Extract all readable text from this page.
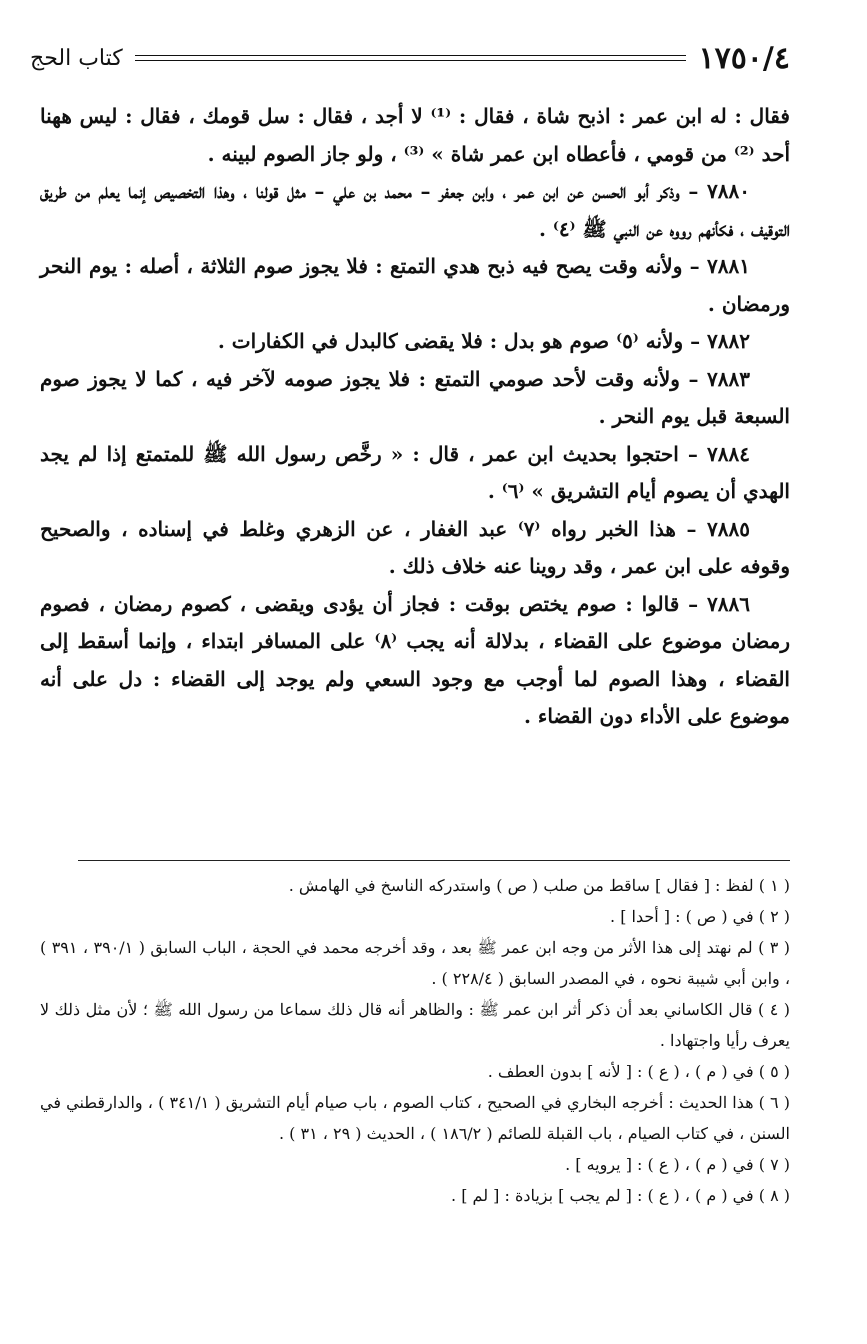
١٧٥٠/٤
كتاب الحج

فقال : له ابن عمر : اذبح شاة ، فقال : ⁽¹⁾ لا أجد ، فقال : سل قومك ، فقال : ليس ههنا أحد ⁽²⁾ من قومي ، فأعطاه ابن عمر شاة » ⁽³⁾ ، ولو جاز الصوم لبينه .

٧٨٨٠ – وذكر أبو الحسن عن ابن عمر ، وابن جعفر – محمد بن علي – مثل قولنا ، وهذا التخصيص إنما يعلم من طريق التوقيف ، فكأنهم رووه عن النبي ﷺ ⁽٤⁾ .

٧٨٨١ – ولأنه وقت يصح فيه ذبح هدي التمتع : فلا يجوز صوم الثلاثة ، أصله : يوم النحر ورمضان .

٧٨٨٢ – ولأنه ⁽٥⁾ صوم هو بدل : فلا يقضى كالبدل في الكفارات .

٧٨٨٣ – ولأنه وقت لأحد صومي التمتع : فلا يجوز صومه لآخر فيه ، كما لا يجوز صوم السبعة قبل يوم النحر .

٧٨٨٤ – احتجوا بحديث ابن عمر ، قال : « رخَّص رسول الله ﷺ للمتمتع إذا لم يجد الهدي أن يصوم أيام التشريق » ⁽٦⁾ .

٧٨٨٥ – هذا الخبر رواه ⁽٧⁾ عبد الغفار ، عن الزهري وغلط في إسناده ، والصحيح وقوفه على ابن عمر ، وقد روينا عنه خلاف ذلك .

٧٨٨٦ – قالوا : صوم يختص بوقت : فجاز أن يؤدى ويقضى ، كصوم رمضان ، فصوم رمضان موضوع على القضاء ، بدلالة أنه يجب ⁽٨⁾ على المسافر ابتداء ، وإنما أسقط إلى القضاء ، وهذا الصوم لما أوجب مع وجود السعي ولم يوجد إلى القضاء : دل على أنه موضوع على الأداء دون القضاء .

( ١ ) لفظ : [ فقال ] ساقط من صلب ( ص ) واستدركه الناسخ في الهامش .

( ٢ ) في ( ص ) : [ أحدا ] .

( ٣ ) لم نهتد إلى هذا الأثر من وجه ابن عمر ﷺ بعد ، وقد أخرجه محمد في الحجة ، الباب السابق ( ٣٩٠/١ ، ٣٩١ ) ، وابن أبي شيبة نحوه ، في المصدر السابق ( ٢٢٨/٤ ) .

( ٤ ) قال الكاساني بعد أن ذكر أثر ابن عمر ﷺ : والظاهر أنه قال ذلك سماعا من رسول الله ﷺ ؛ لأن مثل ذلك لا يعرف رأيا واجتهادا .

( ٥ ) في ( م ) ، ( ع ) : [ لأنه ] بدون العطف .

( ٦ ) هذا الحديث : أخرجه البخاري في الصحيح ، كتاب الصوم ، باب صيام أيام التشريق ( ٣٤١/١ ) ، والدارقطني في السنن ، في كتاب الصيام ، باب القبلة للصائم ( ١٨٦/٢ ) ، الحديث ( ٢٩ ، ٣١ ) .

( ٧ ) في ( م ) ، ( ع ) : [ يرويه ] .

( ٨ ) في ( م ) ، ( ع ) : [ لم يجب ] بزيادة : [ لم ] .
